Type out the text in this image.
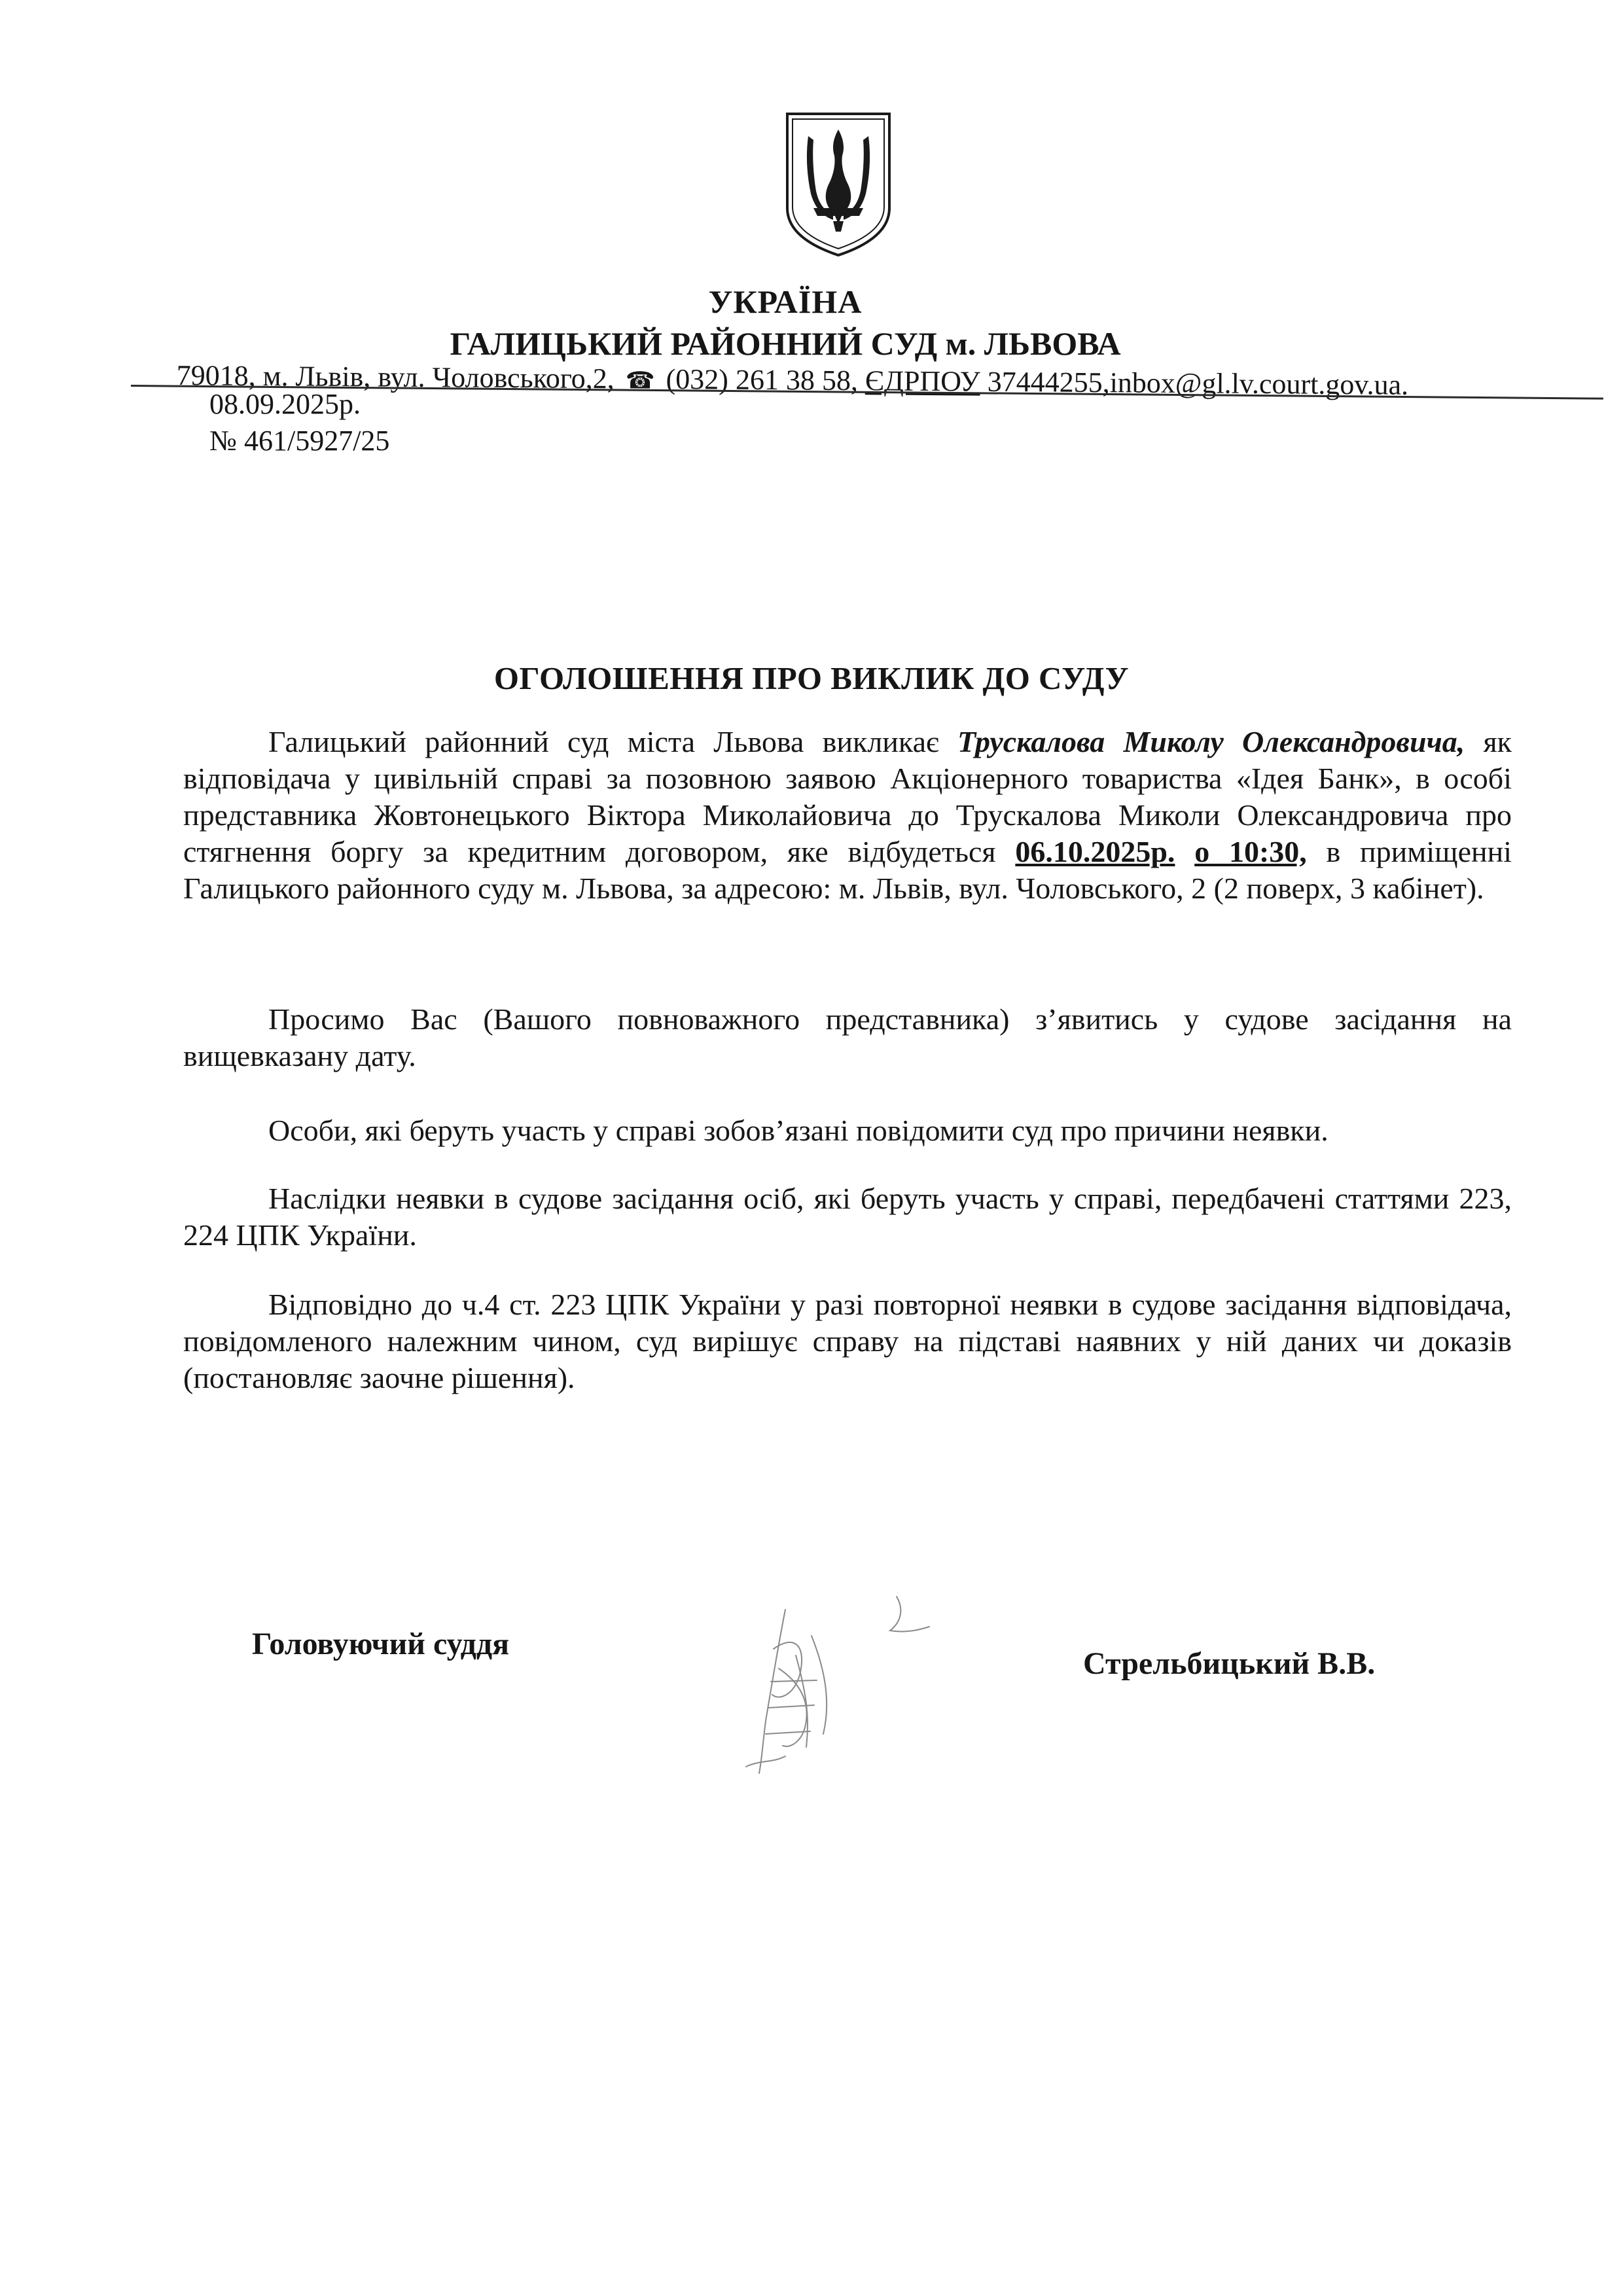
УКРАЇНА
ГАЛИЦЬКИЙ РАЙОННИЙ СУД м. ЛЬВОВА
79018, м. Львів, вул. Чоловського,2, ☎ (032) 261 38 58, ЄДРПОУ 37444255,inbox@gl.lv.court.gov.ua.
08.09.2025р.
№ 461/5927/25
ОГОЛОШЕННЯ ПРО ВИКЛИК ДО СУДУ
Галицький районний суд міста Львова викликає Трускалова Миколу Олександровича, як відповідача у цивільній справі за позовною заявою Акціонерного товариства «Ідея Банк», в особі представника Жовтонецького Віктора Миколайовича до Трускалова Миколи Олександровича про стягнення боргу за кредитним договором, яке відбудеться 06.10.2025р. о 10:30, в приміщенні Галицького районного суду м. Львова, за адресою: м. Львів, вул. Чоловського, 2 (2 поверх, 3 кабінет).
Просимо Вас (Вашого повноважного представника) з’явитись у судове засідання на вищевказану дату.
Особи, які беруть участь у справі зобов’язані повідомити суд про причини неявки.
Наслідки неявки в судове засідання осіб, які беруть участь у справі, передбачені статтями 223, 224 ЦПК України.
Відповідно до ч.4 ст. 223 ЦПК України у разі повторної неявки в судове засідання відповідача, повідомленого належним чином, суд вирішує справу на підставі наявних у ній даних чи доказів (постановляє заочне рішення).
Головуючий суддя
Стрельбицький В.В.
